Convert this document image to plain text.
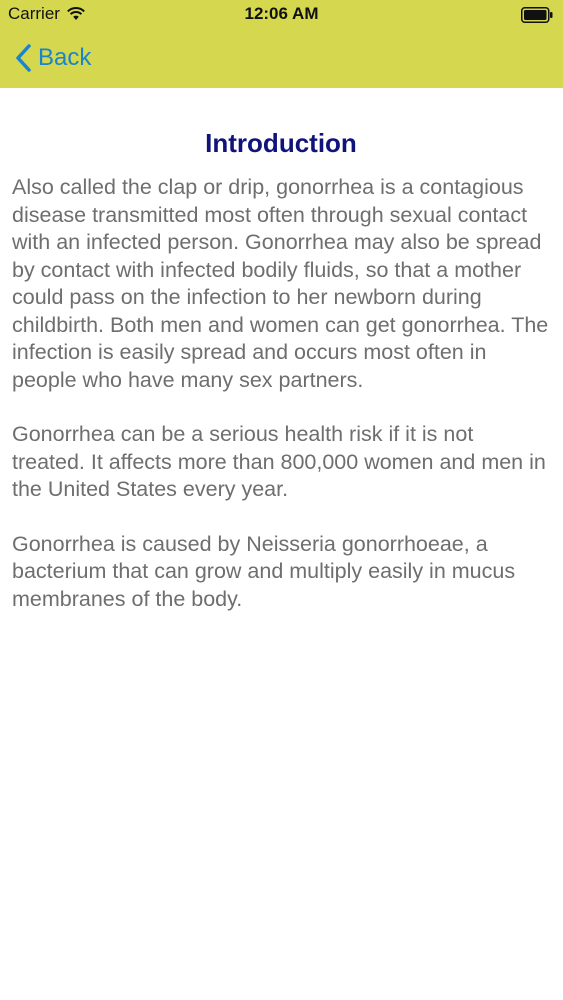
Carrier	12:06 AM
Back
Introduction

Also called the clap or drip, gonorrhea is a contagious disease transmitted most often through sexual contact with an infected person. Gonorrhea may also be spread by contact with infected bodily fluids, so that a mother could pass on the infection to her newborn during childbirth. Both men and women can get gonorrhea. The infection is easily spread and occurs most often in people who have many sex partners.

Gonorrhea can be a serious health risk if it is not treated. It affects more than 800,000 women and men in the United States every year.

Gonorrhea is caused by Neisseria gonorrhoeae, a bacterium that can grow and multiply easily in mucus membranes of the body.
